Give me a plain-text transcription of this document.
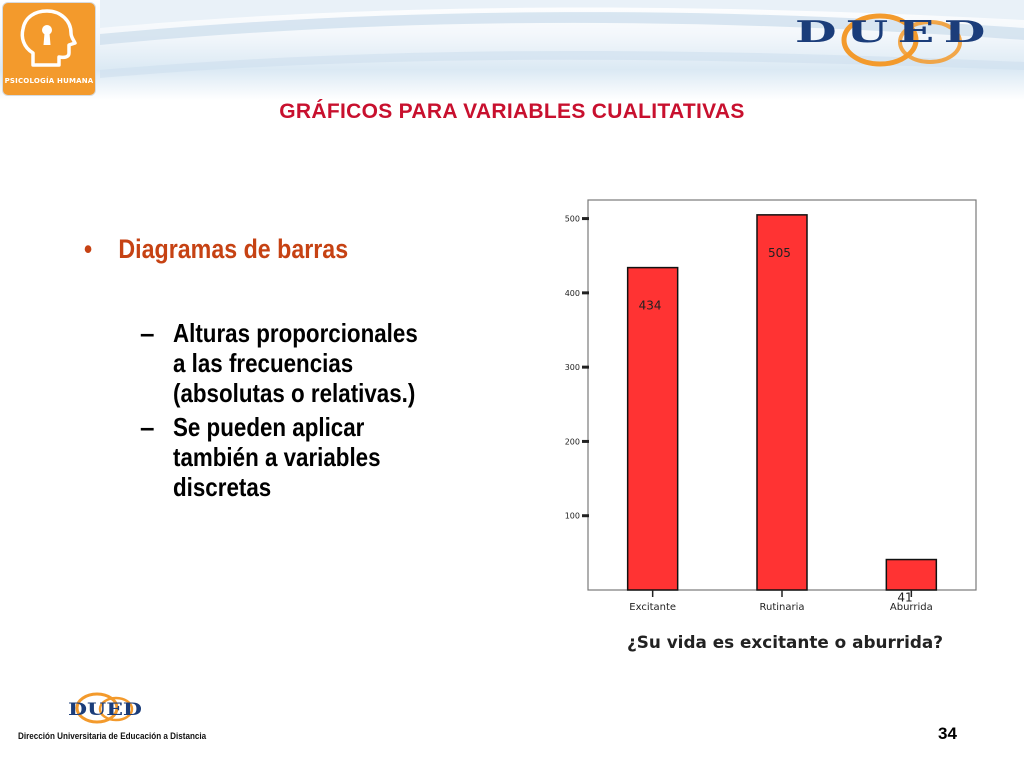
PSICOLOGÍA HUMANA
DUED
GRÁFICOS PARA VARIABLES CUALITATIVAS
• Diagramas de barras
– Alturas proporcionales
a las frecuencias
(absolutas o relativas.)
– Se pueden aplicar
también a variables
discretas
100
200
300
400
500
434
505
41
Excitante	Rutinaria	Aburrida
¿Su vida es excitante o aburrida?
DUED
Dirección Universitaria de Educación a Distancia	34
